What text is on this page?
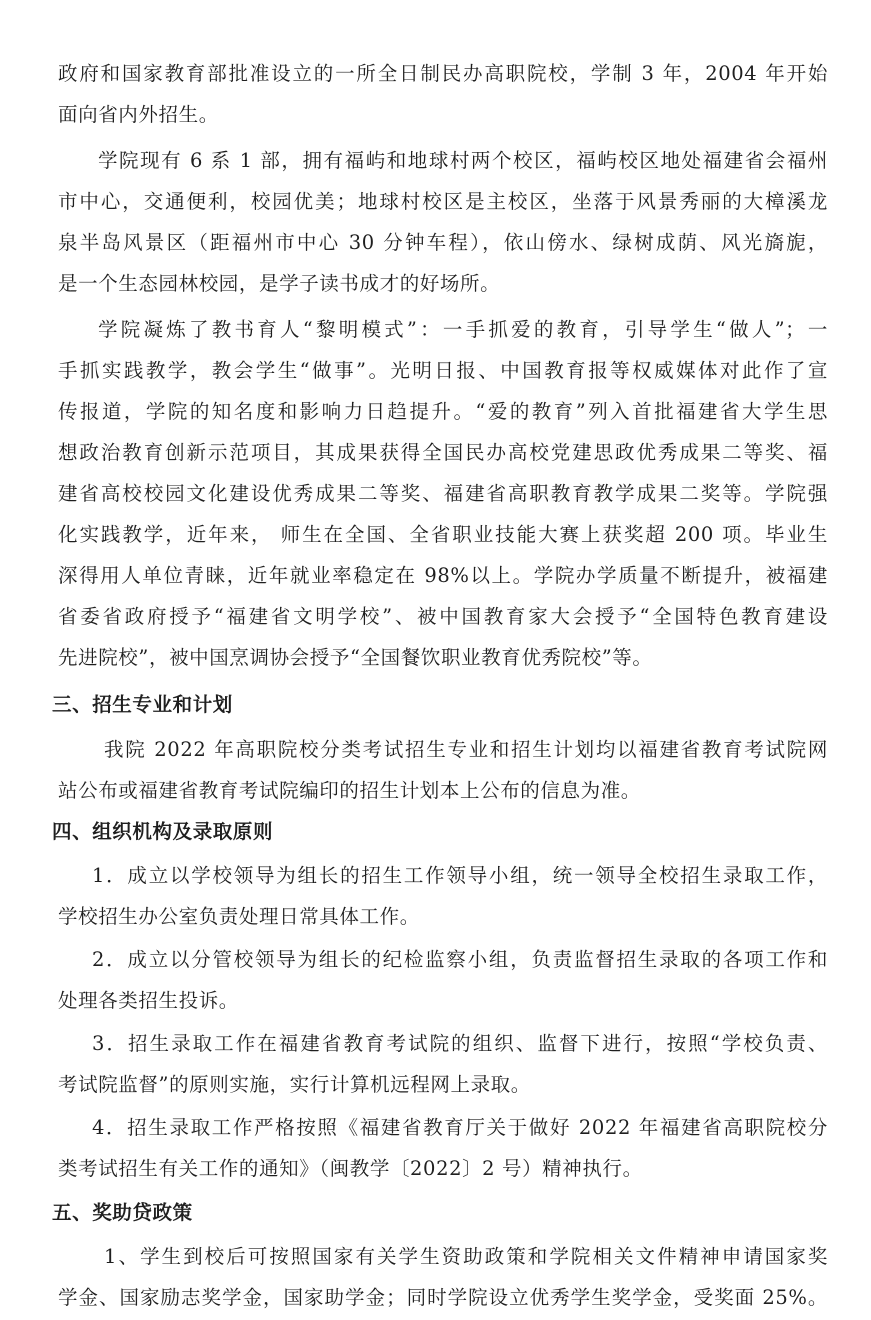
政府和国家教育部批准设立的一所全日制民办高职院校，学制 3 年，2004 年开始
面向省内外招生。
学院现有 6 系 1 部，拥有福屿和地球村两个校区，福屿校区地处福建省会福州
市中心，交通便利，校园优美；地球村校区是主校区，坐落于风景秀丽的大樟溪龙
泉半岛风景区（距福州市中心 30 分钟车程），依山傍水、绿树成荫、风光旖旎，
是一个生态园林校园，是学子读书成才的好场所。
学院凝炼了教书育人“黎明模式”：一手抓爱的教育，引导学生“做人”；一
手抓实践教学，教会学生“做事”。光明日报、中国教育报等权威媒体对此作了宣
传报道，学院的知名度和影响力日趋提升。“爱的教育”列入首批福建省大学生思
想政治教育创新示范项目，其成果获得全国民办高校党建思政优秀成果二等奖、福
建省高校校园文化建设优秀成果二等奖、福建省高职教育教学成果二奖等。学院强
化实践教学，近年来， 师生在全国、全省职业技能大赛上获奖超 200 项。毕业生
深得用人单位青睐，近年就业率稳定在 98%以上。学院办学质量不断提升，被福建
省委省政府授予“福建省文明学校”、被中国教育家大会授予“全国特色教育建设
先进院校”，被中国烹调协会授予“全国餐饮职业教育优秀院校”等。
三、招生专业和计划
我院 2022 年高职院校分类考试招生专业和招生计划均以福建省教育考试院网
站公布或福建省教育考试院编印的招生计划本上公布的信息为准。
四、组织机构及录取原则
1．成立以学校领导为组长的招生工作领导小组，统一领导全校招生录取工作，
学校招生办公室负责处理日常具体工作。
2．成立以分管校领导为组长的纪检监察小组，负责监督招生录取的各项工作和
处理各类招生投诉。
3．招生录取工作在福建省教育考试院的组织、监督下进行，按照“学校负责、
考试院监督”的原则实施，实行计算机远程网上录取。
4．招生录取工作严格按照《福建省教育厅关于做好 2022 年福建省高职院校分
类考试招生有关工作的通知》（闽教学〔2022〕2 号）精神执行。
五、奖助贷政策
1、学生到校后可按照国家有关学生资助政策和学院相关文件精神申请国家奖
学金、国家励志奖学金，国家助学金；同时学院设立优秀学生奖学金，受奖面 25%。
